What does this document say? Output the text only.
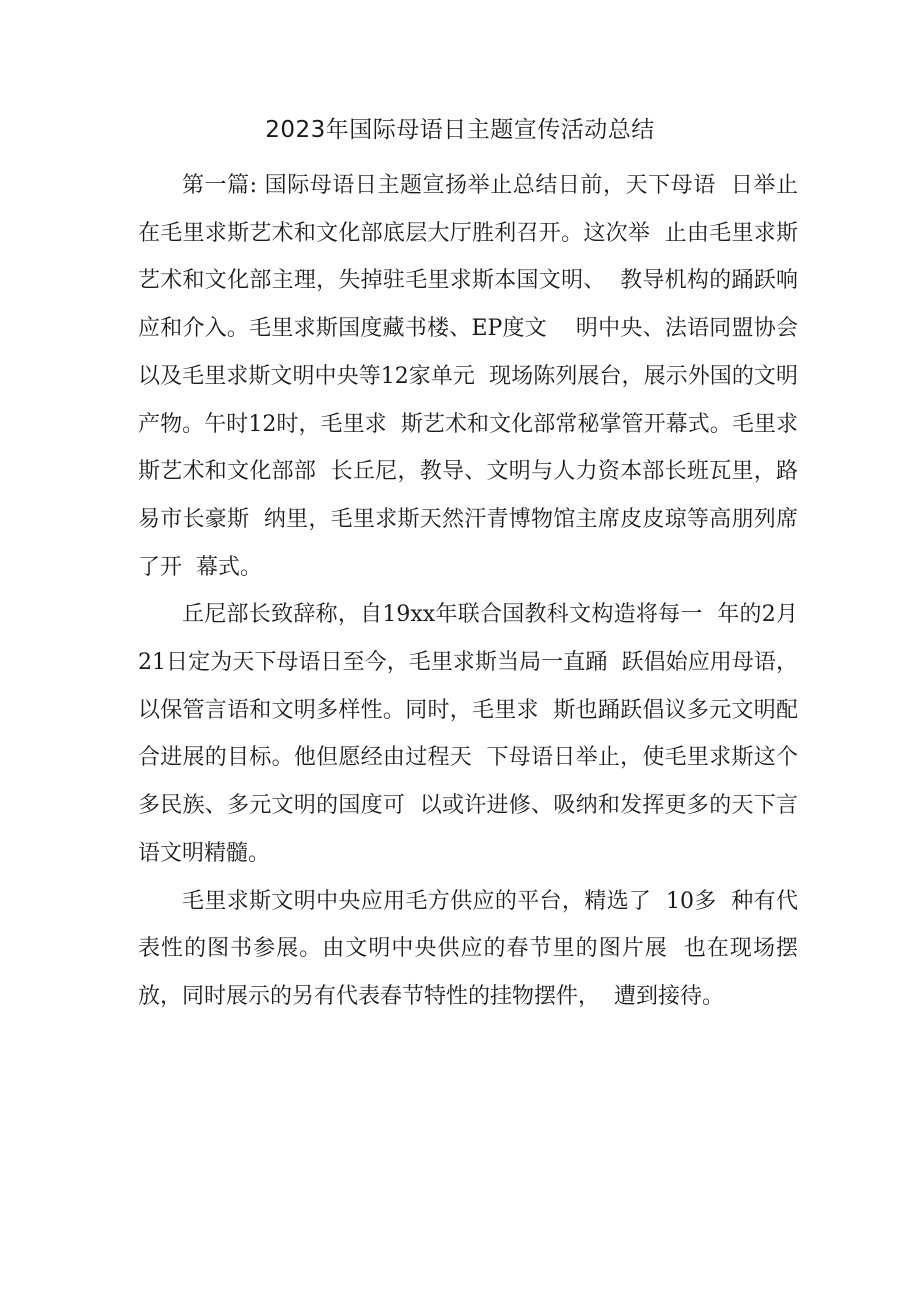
2023年国际母语日主题宣传活动总结

第一篇: 国际母语日主题宣扬举止总结日前，天下母语  日举止在毛里求斯艺术和文化部底层大厅胜利召开。这次举  止由毛里求斯艺术和文化部主理，失掉驻毛里求斯本国文明、  教导机构的踊跃响应和介入。毛里求斯国度藏书楼、EP度文    明中央、法语同盟协会以及毛里求斯文明中央等12家单元  现场陈列展台，展示外国的文明产物。午时12时，毛里求  斯艺术和文化部常秘掌管开幕式。毛里求斯艺术和文化部部  长丘尼，教导、文明与人力资本部长班瓦里，路易市长豪斯  纳里，毛里求斯天然汗青博物馆主席皮皮琼等高朋列席了开  幕式。

丘尼部长致辞称，自19xx年联合国教科文构造将每一  年的2月21日定为天下母语日至今，毛里求斯当局一直踊  跃倡始应用母语，以保管言语和文明多样性。同时，毛里求  斯也踊跃倡议多元文明配合进展的目标。他但愿经由过程天  下母语日举止，使毛里求斯这个多民族、多元文明的国度可  以或许进修、吸纳和发挥更多的天下言语文明精髓。

毛里求斯文明中央应用毛方供应的平台，精选了  10多  种有代表性的图书参展。由文明中央供应的春节里的图片展  也在现场摆放，同时展示的另有代表春节特性的挂物摆件，  遭到接待。
